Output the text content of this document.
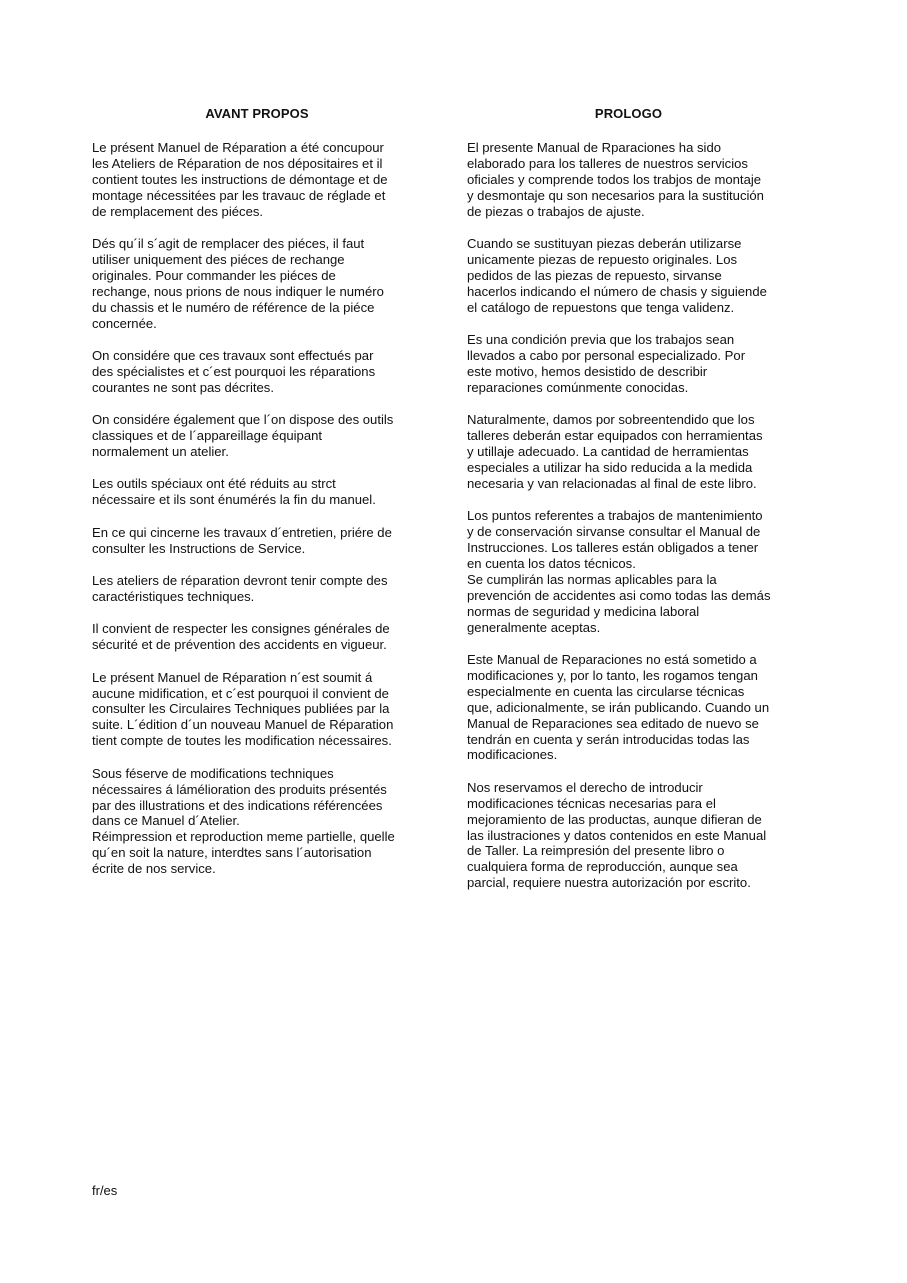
AVANT PROPOS

Le présent Manuel de Réparation a été concupour
les Ateliers de Réparation de nos dépositaires et il
contient toutes les instructions de démontage et de
montage nécessitées par les travauc de réglade et
de remplacement des piéces.

Dés qu´il s´agit de remplacer des piéces, il faut
utiliser uniquement des piéces de rechange
originales. Pour commander les piéces de
rechange, nous prions de nous indiquer le numéro
du chassis et le numéro de référence de la piéce
concernée.

On considére que ces travaux sont effectués par
des spécialistes et c´est pourquoi les réparations
courantes ne sont pas décrites.

On considére également que l´on dispose des outils
classiques et de l´appareillage équipant
normalement un atelier.

Les outils spéciaux ont été réduits au strct
nécessaire et ils sont énumérés la fin du manuel.

En ce qui cincerne les travaux d´entretien, priére de
consulter les Instructions de Service.

Les ateliers de réparation devront tenir compte des
caractéristiques techniques.

Il convient de respecter les consignes générales de
sécurité et de prévention des accidents en vigueur.

Le présent Manuel de Réparation n´est soumit á
aucune midification, et c´est pourquoi il convient de
consulter les Circulaires Techniques publiées par la
suite. L´édition d´un nouveau Manuel de Réparation
tient compte de toutes les modification nécessaires.

Sous féserve de modifications techniques
nécessaires á lámélioration des produits présentés
par des illustrations et des indications référencées
dans ce Manuel d´Atelier.

Réimpression et reproduction meme partielle, quelle
qu´en soit la nature, interdtes sans l´autorisation
écrite de nos service.

PROLOGO

El presente Manual de Rparaciones ha sido
elaborado para los talleres de nuestros servicios
oficiales y comprende todos los trabjos de montaje
y desmontaje qu son necesarios para la sustitución
de piezas o trabajos de ajuste.

Cuando se sustituyan piezas deberán utilizarse
unicamente piezas de repuesto originales. Los
pedidos de las piezas de repuesto, sirvanse
hacerlos indicando el número de chasis y siguiende
el catálogo de repuestons que tenga validenz.

Es una condición previa que los trabajos sean
llevados a cabo por personal especializado. Por
este motivo, hemos desistido de describir
reparaciones comúnmente conocidas.

Naturalmente, damos por sobreentendido que los
talleres deberán estar equipados con herramientas
y utillaje adecuado. La cantidad de herramientas
especiales a utilizar ha sido reducida a la medida
necesaria y van relacionadas al final de este libro.

Los puntos referentes a trabajos de mantenimiento
y de conservación sirvanse consultar el Manual de
Instrucciones. Los talleres están obligados a tener
en cuenta los datos técnicos.

Se cumplirán las normas aplicables para la
prevención de accidentes asi como todas las demás
normas de seguridad y medicina laboral
generalmente aceptas.

Este Manual de Reparaciones no está sometido a
modificaciones y, por lo tanto, les rogamos tengan
especialmente en cuenta las circularse técnicas
que, adicionalmente, se irán publicando. Cuando un
Manual de Reparaciones sea editado de nuevo se
tendrán en cuenta y serán introducidas todas las
modificaciones.

Nos reservamos el derecho de introducir
modificaciones técnicas necesarias para el
mejoramiento de las productas, aunque difieran de
las ilustraciones y datos contenidos en este Manual
de Taller. La reimpresión del presente libro o
cualquiera forma de reproducción, aunque sea
parcial, requiere nuestra autorización por escrito.

fr/es
